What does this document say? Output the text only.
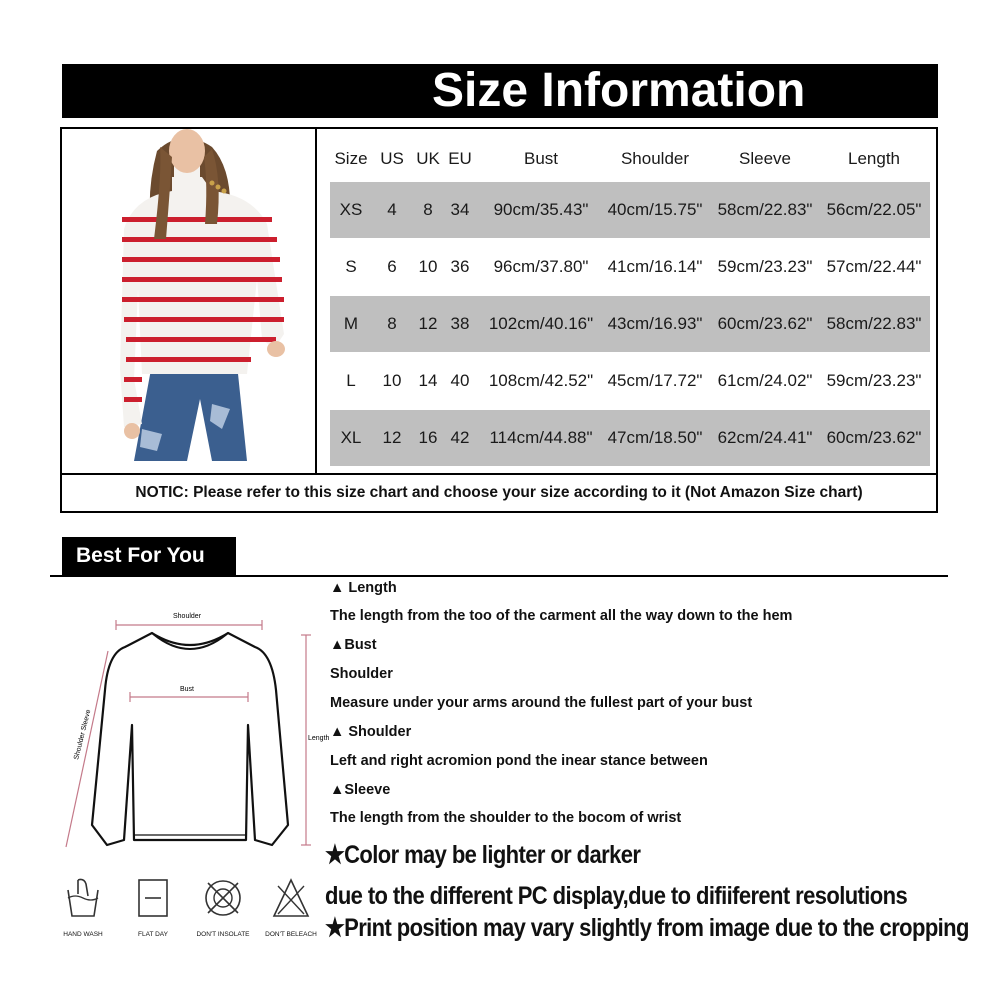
Size Information
Size US UK EU	Bust	Shoulder	Sleeve	Length
XS	4	8	34	90cm/35.43"	40cm/15.75" 58cm/22.83" 56cm/22.05"
S	6	10 36	96cm/37.80"	41cm/16.14" 59cm/23.23" 57cm/22.44"
M	8	12 38	102cm/40.16" 43cm/16.93" 60cm/23.62" 58cm/22.83"
L	10	14 40	108cm/42.52" 45cm/17.72" 61cm/24.02" 59cm/23.23"
XL	12	16 42	114cm/44.88" 47cm/18.50" 62cm/24.41" 60cm/23.62"
NOTIC: Please refer to this size chart and choose your size according to it (Not Amazon Size chart)
Best For You
Shoulder
Bust
Shoulder Sleeve	Length
▲ Length
The length from the too of the carment all the way down to the hem
▲Bust
Shoulder
Measure under your arms around the fullest part of your bust
▲ Shoulder
Left and right acromion pond the inear stance between
▲Sleeve
The length from the shoulder to the bocom of wrist
★Color may be lighter or darker
due to the different PC display,due to difiiferent resolutions
★Print position may vary slightly from image due to the cropping
HAND WASH	FLAT DAY	DON'T INSOLATE	DON'T BELEACH
